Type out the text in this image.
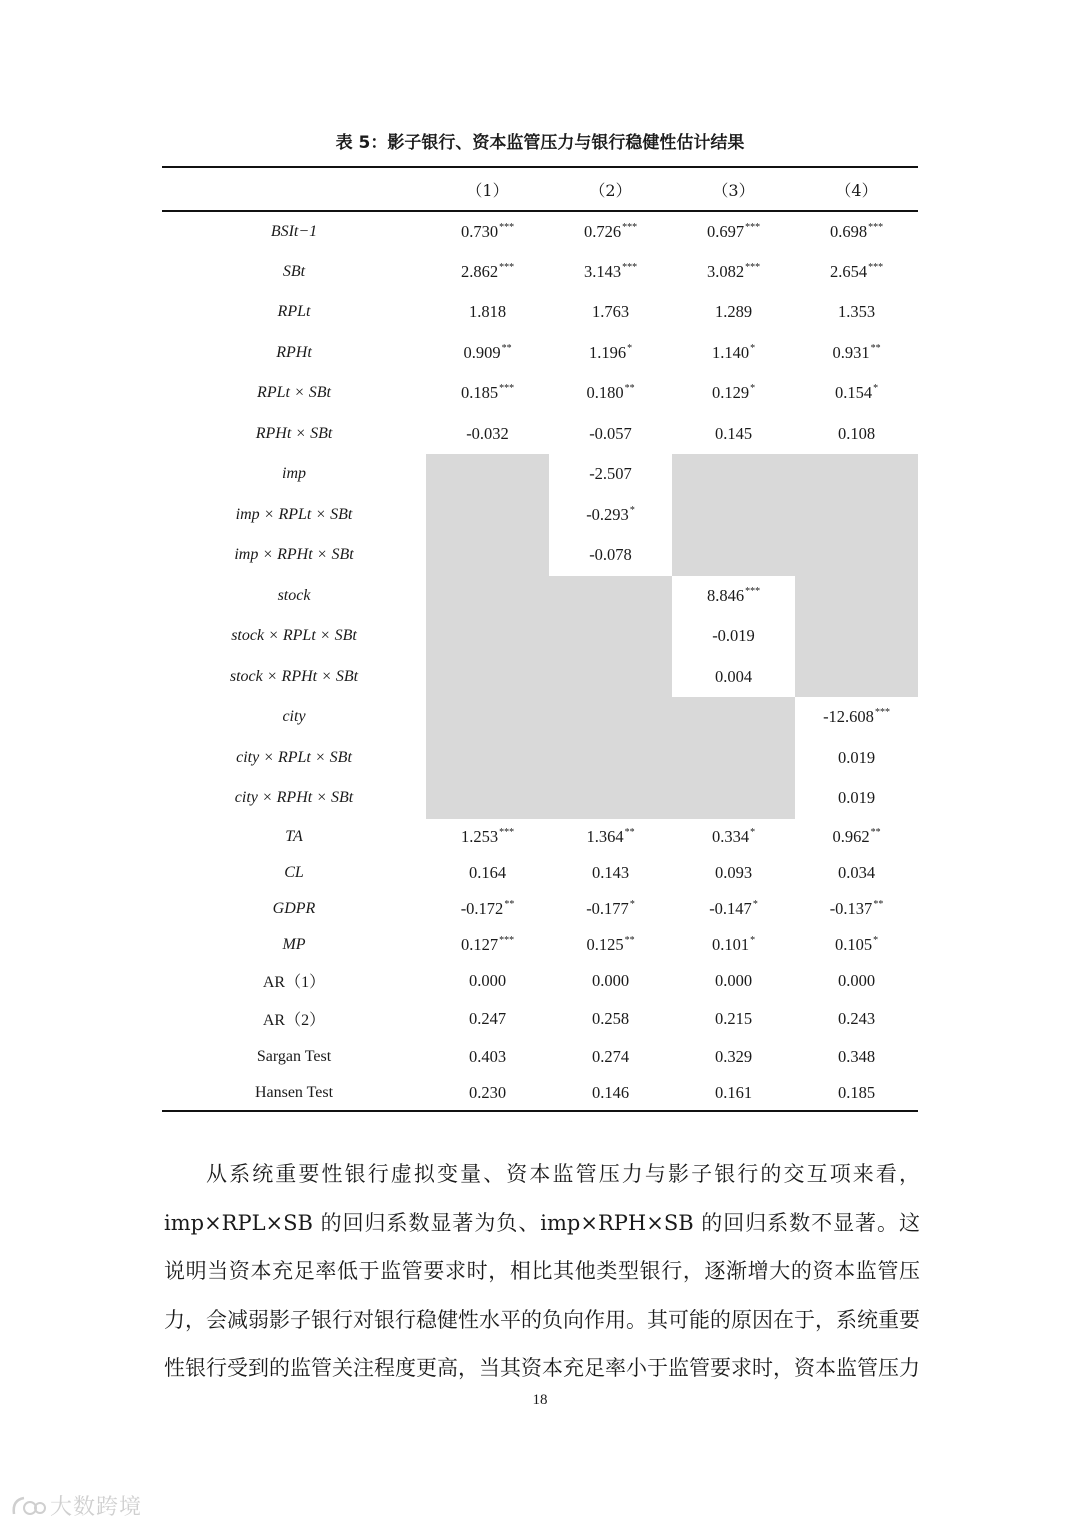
表 5：影子银行、资本监管压力与银行稳健性估计结果
	（1）	（2）	（3）	（4）
BSIt−1	0.730***	0.726***	0.697***	0.698***
SBt	2.862***	3.143***	3.082***	2.654***
RPLt	1.818	1.763	1.289	1.353
RPHt	0.909**	1.196*	1.140*	0.931**
RPLt × SBt	0.185***	0.180**	0.129*	0.154*
RPHt × SBt	-0.032	-0.057	0.145	0.108
imp		-2.507		
imp × RPLt × SBt		-0.293*		
imp × RPHt × SBt		-0.078		
stock			8.846***	
stock × RPLt × SBt			-0.019	
stock × RPHt × SBt			0.004	
city				-12.608***
city × RPLt × SBt				0.019
city × RPHt × SBt				0.019
TA	1.253***	1.364**	0.334*	0.962**
CL	0.164	0.143	0.093	0.034
GDPR	-0.172**	-0.177*	-0.147*	-0.137**
MP	0.127***	0.125**	0.101*	0.105*
AR（1）	0.000	0.000	0.000	0.000
AR（2）	0.247	0.258	0.215	0.243
Sargan Test	0.403	0.274	0.329	0.348
Hansen Test	0.230	0.146	0.161	0.185

从系统重要性银行虚拟变量、资本监管压力与影子银行的交互项来看，imp×RPL×SB 的回归系数显著为负、imp×RPH×SB 的回归系数不显著。这说明当资本充足率低于监管要求时，相比其他类型银行，逐渐增大的资本监管压力，会减弱影子银行对银行稳健性水平的负向作用。其可能的原因在于，系统重要性银行受到的监管关注程度更高，当其资本充足率小于监管要求时，资本监管压力

18
大数跨境
